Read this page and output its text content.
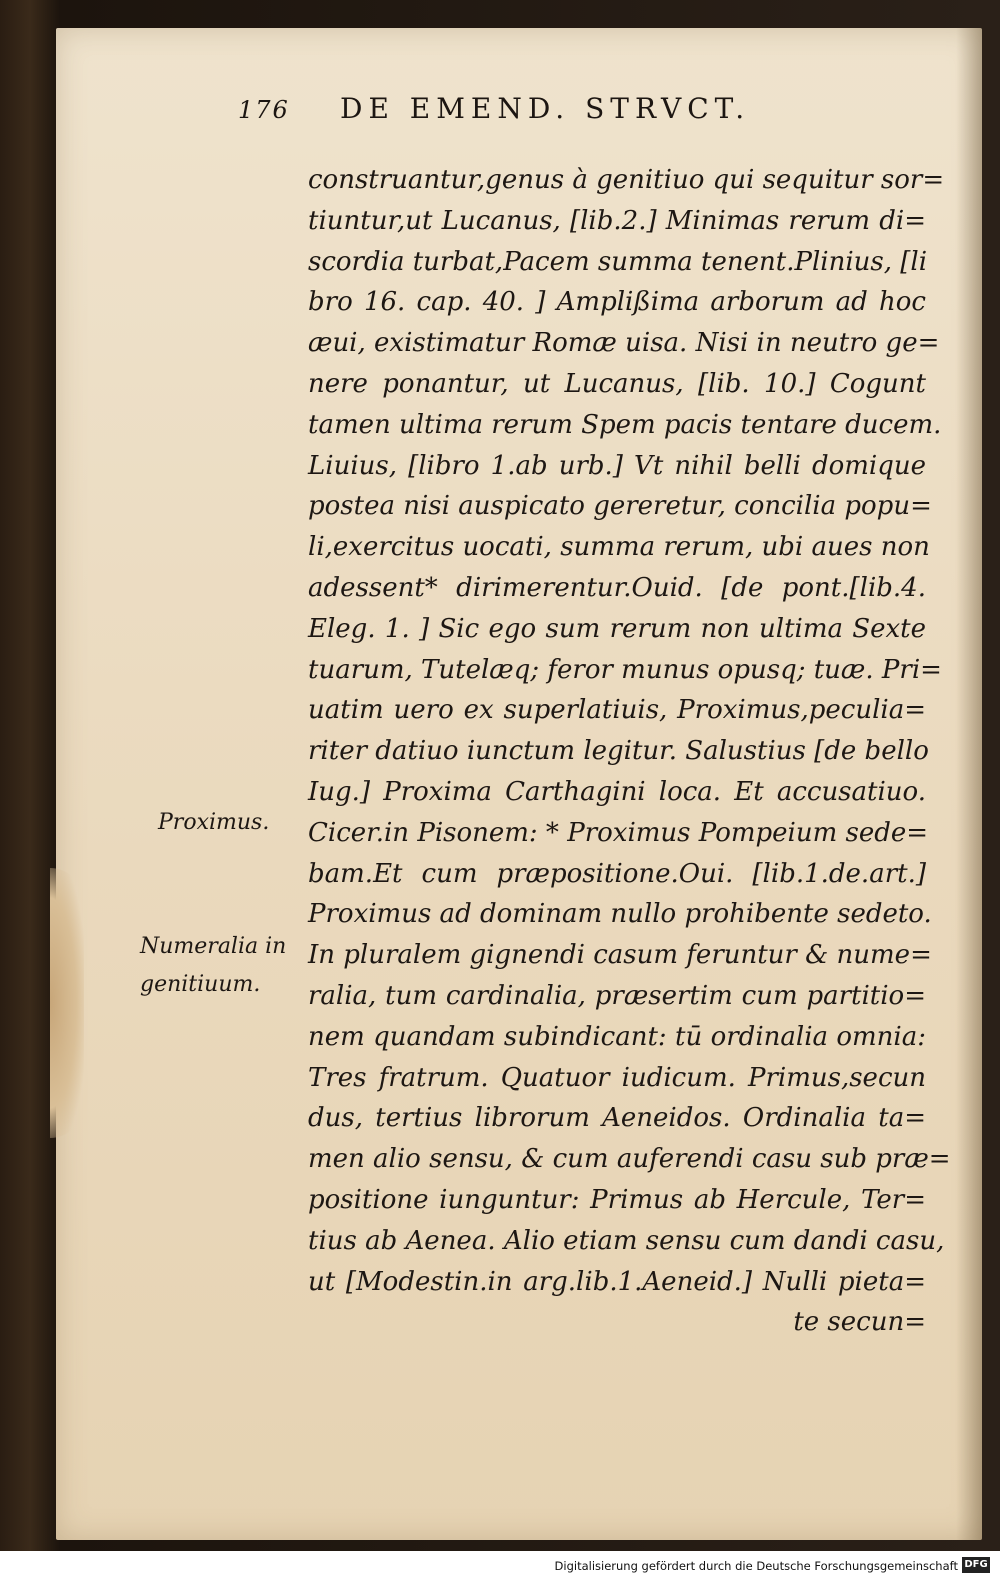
176 DE EMEND. STRVCT.
construantur,genus à genitiuo qui sequitur sor=
tiuntur,ut Lucanus, [lib.2.] Minimas rerum di=
scordia turbat,Pacem summa tenent.Plinius, [li
bro 16. cap. 40. ] Amplißima arborum ad hoc
æui, existimatur Romæ uisa. Nisi in neutro ge=
nere ponantur, ut Lucanus, [lib. 10.] Cogunt
tamen ultima rerum Spem pacis tentare ducem.
Liuius, [libro 1.ab urb.] Vt nihil belli domique
postea nisi auspicato gereretur, concilia popu=
li,exercitus uocati, summa rerum, ubi aues non
adessent* dirimerentur.Ouid. [de pont.[lib.4.
Eleg. 1. ] Sic ego sum rerum non ultima Sexte
tuarum, Tutelæq; feror munus opusq; tuæ. Pri=
uatim uero ex superlatiuis, Proximus,peculia=
riter datiuo iunctum legitur. Salustius [de bello
Iug.] Proxima Carthagini loca. Et accusatiuo.
Cicer.in Pisonem: * Proximus Pompeium sede=
bam.Et cum præpositione.Oui. [lib.1.de.art.]
Proximus ad dominam nullo prohibente sedeto.
In pluralem gignendi casum feruntur & nume=
ralia, tum cardinalia, præsertim cum partitio=
nem quandam subindicant: tū ordinalia omnia:
Tres fratrum. Quatuor iudicum. Primus,secun
dus, tertius librorum Aeneidos. Ordinalia ta=
men alio sensu, & cum auferendi casu sub præ=
positione iunguntur: Primus ab Hercule, Ter=
tius ab Aenea. Alio etiam sensu cum dandi casu,
ut [Modestin.in arg.lib.1.Aeneid.] Nulli pieta=
te secun=
Proximus.
Numeralia in
genitiuum.
Digitalisierung gefördert durch die Deutsche Forschungsgemeinschaft DFG
